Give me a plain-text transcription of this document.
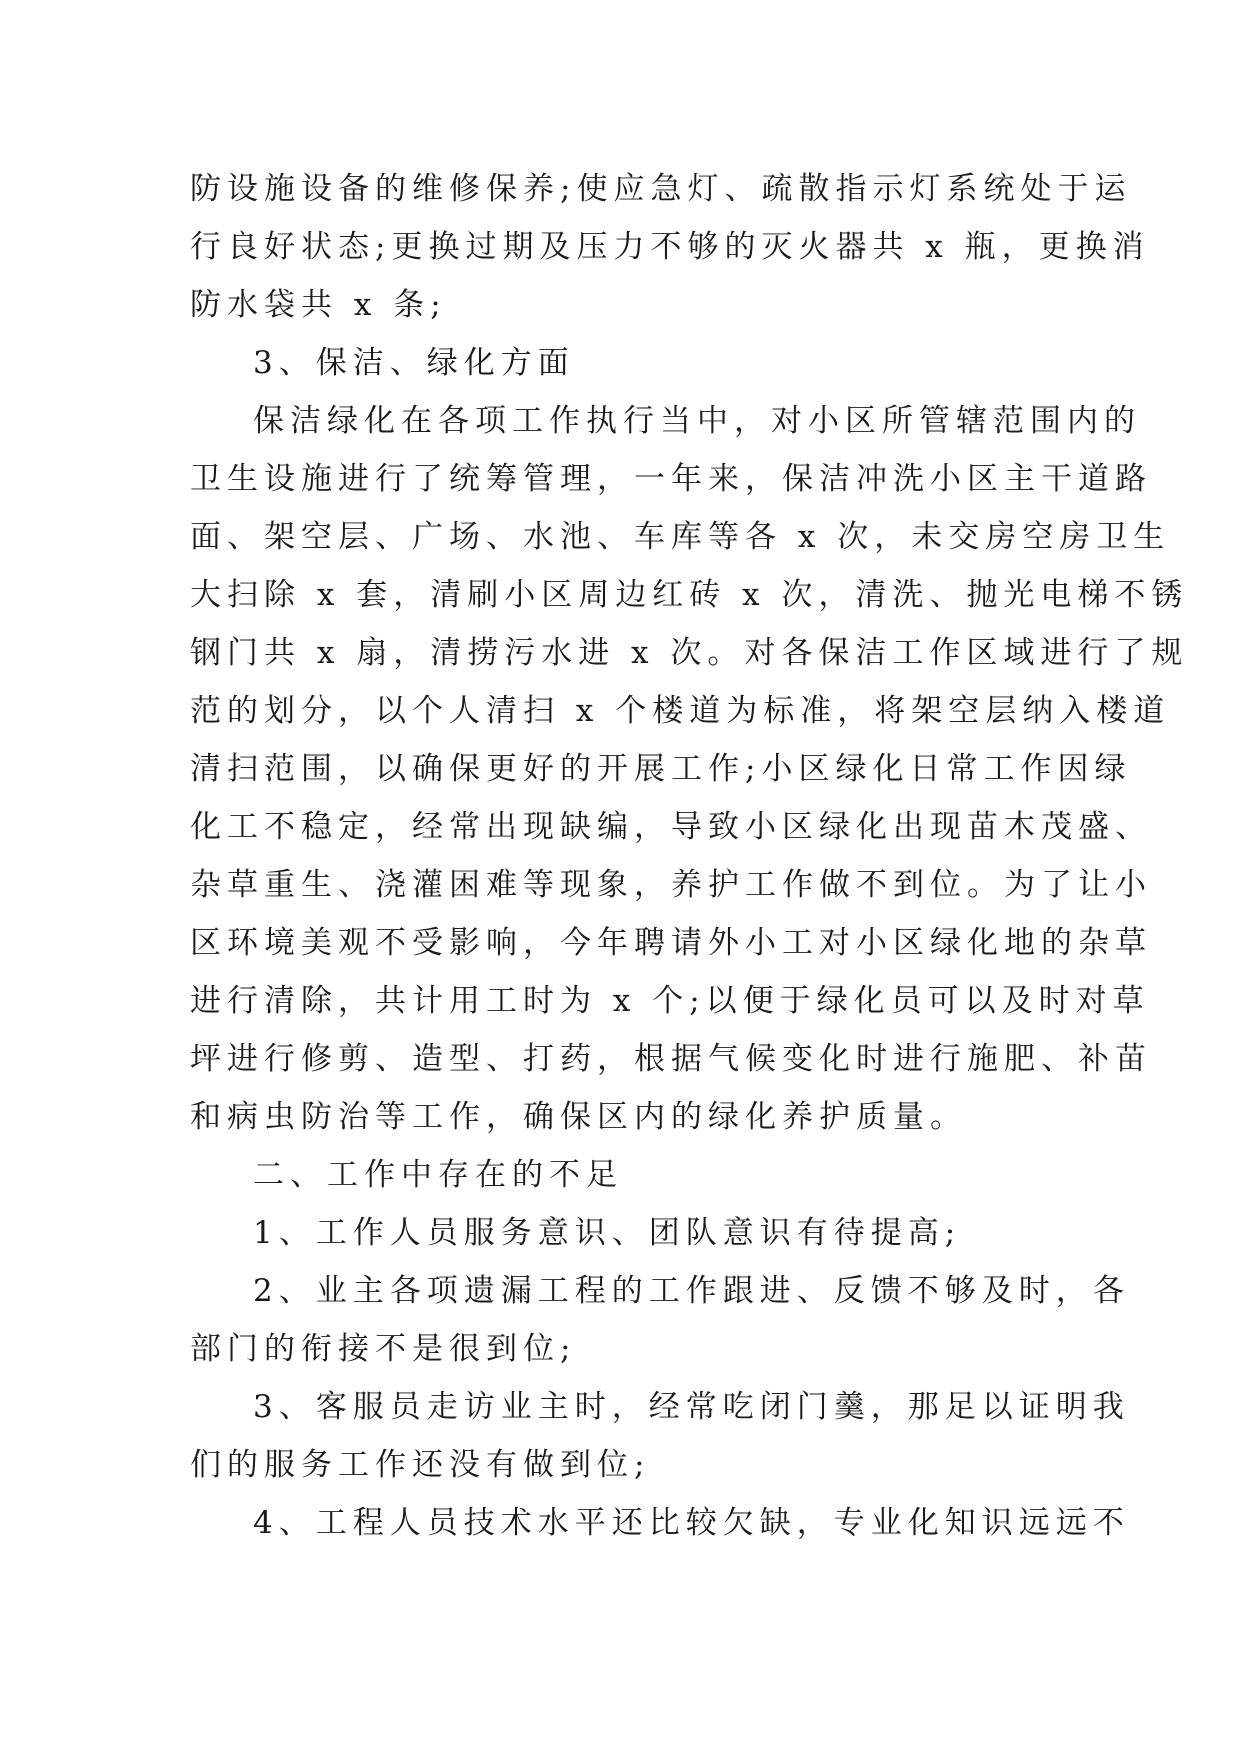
防设施设备的维修保养;使应急灯、疏散指示灯系统处于运
行良好状态;更换过期及压力不够的灭火器共 x 瓶，更换消
防水袋共 x 条;
3、保洁、绿化方面
保洁绿化在各项工作执行当中，对小区所管辖范围内的
卫生设施进行了统筹管理，一年来，保洁冲洗小区主干道路
面、架空层、广场、水池、车库等各 x 次，未交房空房卫生
大扫除 x 套，清刷小区周边红砖 x 次，清洗、抛光电梯不锈
钢门共 x 扇，清捞污水进 x 次。对各保洁工作区域进行了规
范的划分，以个人清扫 x 个楼道为标准，将架空层纳入楼道
清扫范围，以确保更好的开展工作;小区绿化日常工作因绿
化工不稳定，经常出现缺编，导致小区绿化出现苗木茂盛、
杂草重生、浇灌困难等现象，养护工作做不到位。为了让小
区环境美观不受影响，今年聘请外小工对小区绿化地的杂草
进行清除，共计用工时为 x 个;以便于绿化员可以及时对草
坪进行修剪、造型、打药，根据气候变化时进行施肥、补苗
和病虫防治等工作，确保区内的绿化养护质量。
二、工作中存在的不足
1、工作人员服务意识、团队意识有待提高;
2、业主各项遗漏工程的工作跟进、反馈不够及时，各
部门的衔接不是很到位;
3、客服员走访业主时，经常吃闭门羹，那足以证明我
们的服务工作还没有做到位;
4、工程人员技术水平还比较欠缺，专业化知识远远不
